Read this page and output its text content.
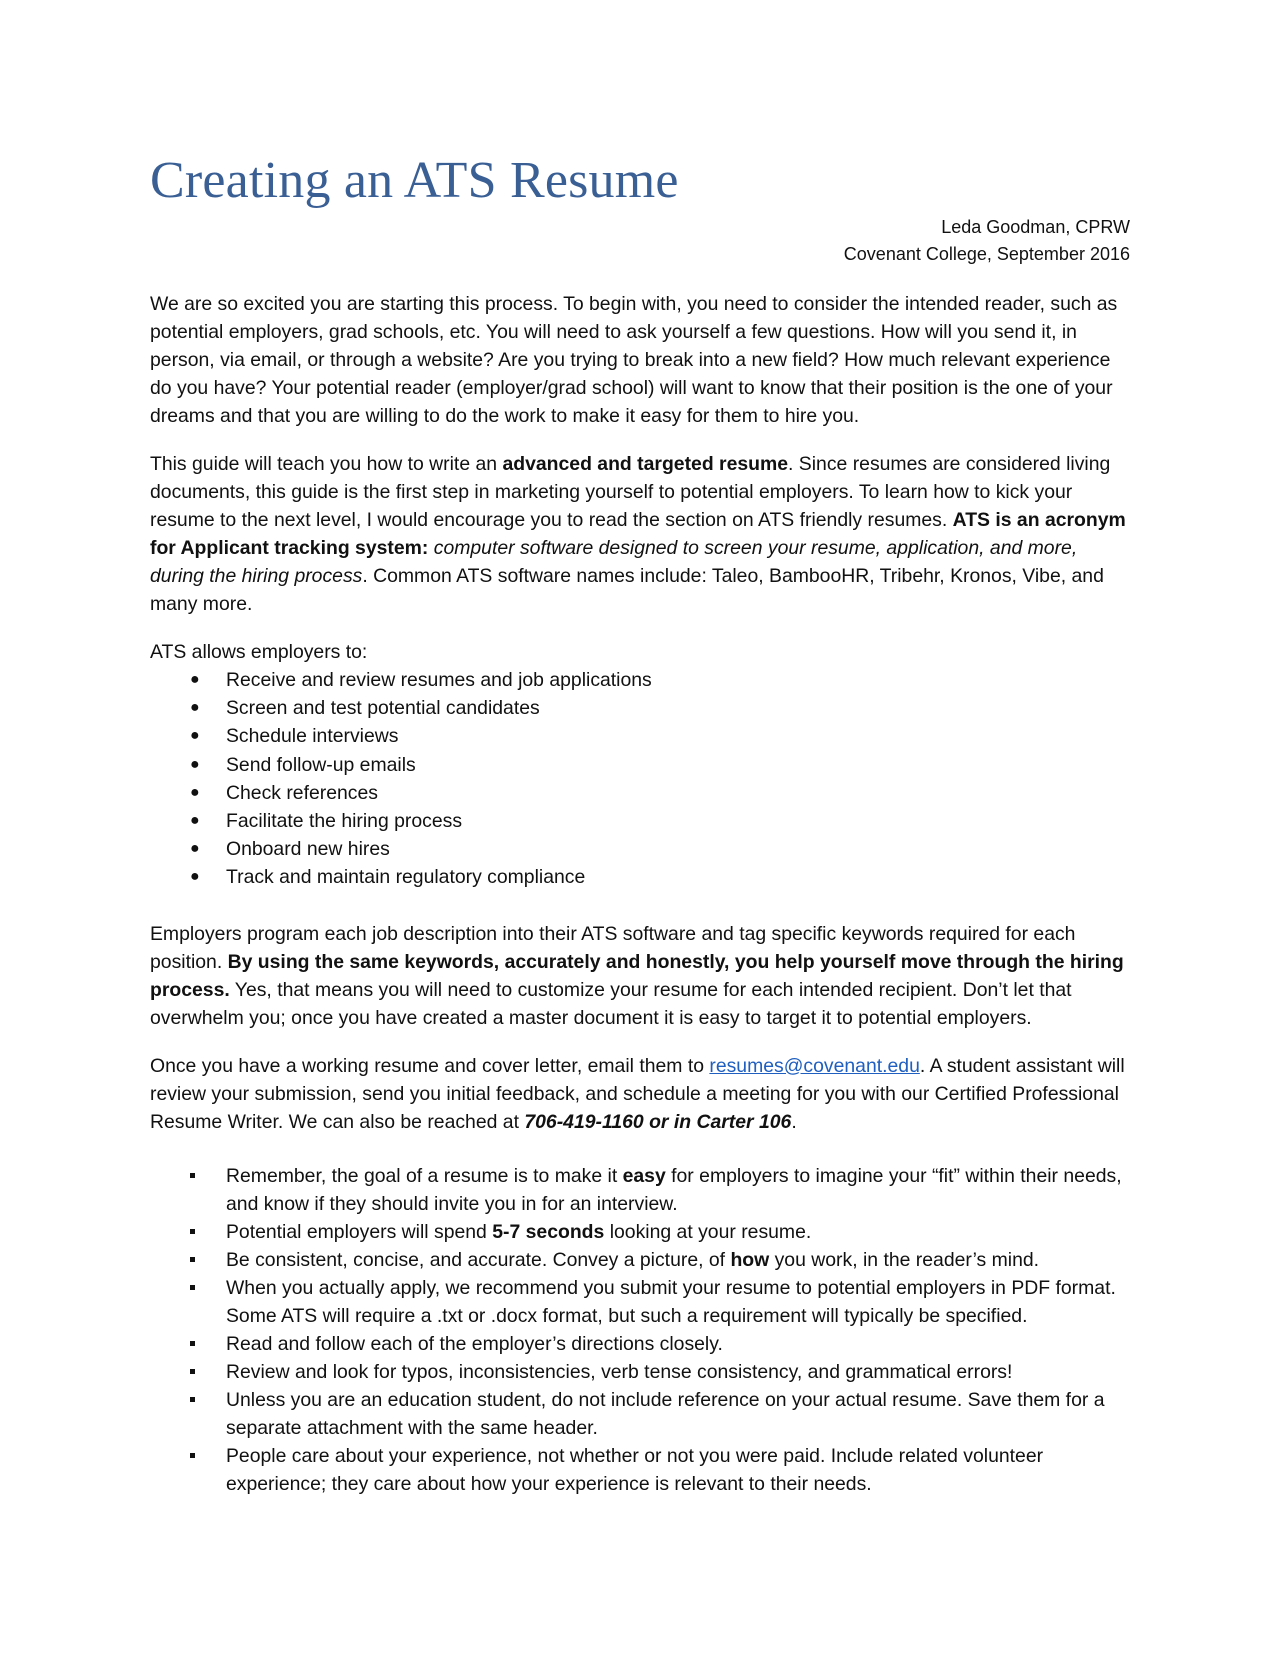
Creating an ATS Resume
Leda Goodman, CPRW
Covenant College, September 2016

We are so excited you are starting this process. To begin with, you need to consider the intended reader, such as potential employers, grad schools, etc. You will need to ask yourself a few questions. How will you send it, in person, via email, or through a website? Are you trying to break into a new field? How much relevant experience do you have? Your potential reader (employer/grad school) will want to know that their position is the one of your dreams and that you are willing to do the work to make it easy for them to hire you.

This guide will teach you how to write an advanced and targeted resume. Since resumes are considered living documents, this guide is the first step in marketing yourself to potential employers. To learn how to kick your resume to the next level, I would encourage you to read the section on ATS friendly resumes. ATS is an acronym for Applicant tracking system: computer software designed to screen your resume, application, and more, during the hiring process. Common ATS software names include: Taleo, BambooHR, Tribehr, Kronos, Vibe, and many more.

ATS allows employers to:

● Receive and review resumes and job applications
● Screen and test potential candidates
● Schedule interviews
● Send follow-up emails
● Check references
● Facilitate the hiring process
● Onboard new hires
● Track and maintain regulatory compliance

Employers program each job description into their ATS software and tag specific keywords required for each position. By using the same keywords, accurately and honestly, you help yourself move through the hiring process. Yes, that means you will need to customize your resume for each intended recipient. Don’t let that overwhelm you; once you have created a master document it is easy to target it to potential employers.

Once you have a working resume and cover letter, email them to resumes@covenant.edu. A student assistant will review your submission, send you initial feedback, and schedule a meeting for you with our Certified Professional Resume Writer. We can also be reached at 706-419-1160 or in Carter 106.

Remember, the goal of a resume is to make it easy for employers to imagine your “fit” within their needs, and know if they should invite you in for an interview.
Potential employers will spend 5-7 seconds looking at your resume.
Be consistent, concise, and accurate. Convey a picture, of how you work, in the reader’s mind.
When you actually apply, we recommend you submit your resume to potential employers in PDF format. Some ATS will require a .txt or .docx format, but such a requirement will typically be specified.
Read and follow each of the employer’s directions closely.
Review and look for typos, inconsistencies, verb tense consistency, and grammatical errors!
Unless you are an education student, do not include reference on your actual resume. Save them for a separate attachment with the same header.
People care about your experience, not whether or not you were paid. Include related volunteer experience; they care about how your experience is relevant to their needs.
